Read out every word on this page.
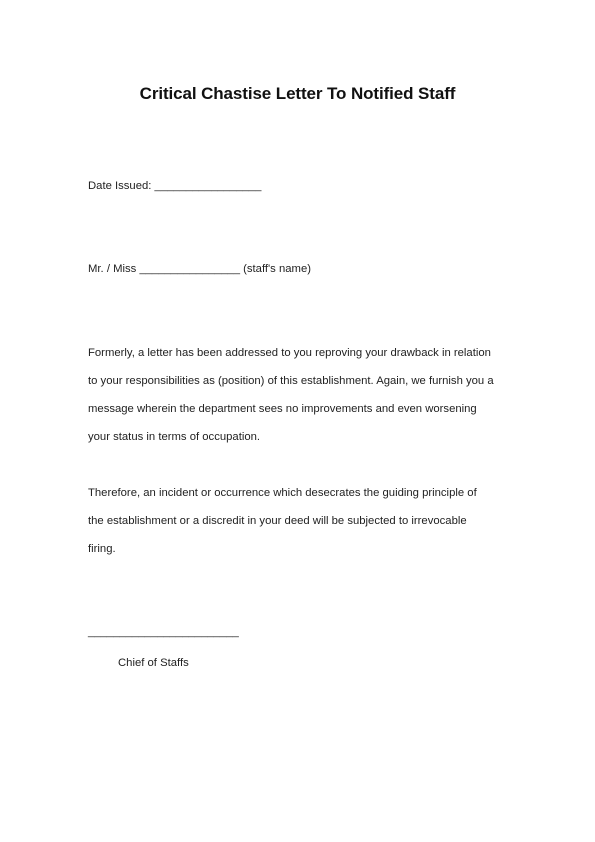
Critical Chastise Letter To Notified Staff
Date Issued: _________________
Mr. / Miss ________________ (staff's name)
Formerly, a letter has been addressed to you reproving your drawback in relation
to your responsibilities as (position) of this establishment. Again, we furnish you a
message wherein the department sees no improvements and even worsening
your status in terms of occupation.
Therefore, an incident or occurrence which desecrates the guiding principle of
the establishment or a discredit in your deed will be subjected to irrevocable
firing.
________________________
Chief of Staffs
